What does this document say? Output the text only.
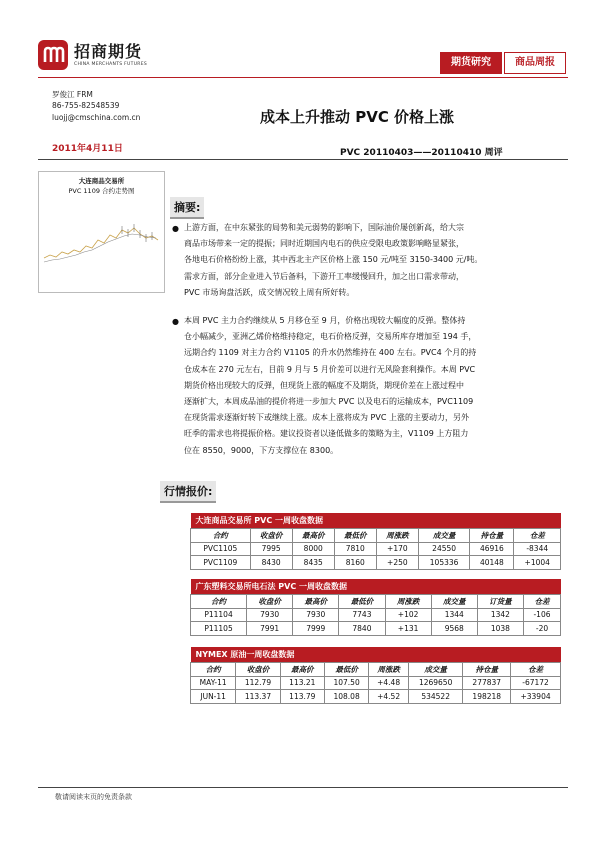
招商期货
CHINA MERCHANTS FUTURES	期货研究	商品周报
罗俊江 FRM
86-755-82548539
luojj@cmschina.com.cn	成本上升推动 PVC 价格上涨
2011年4月11日	PVC 20110403——20110410 周评
大连商品交易所
PVC 1109 合约走势图
摘要:
● 上游方面，在中东紧张的局势和美元弱势的影响下，国际油价屡创新高，给大宗
商品市场带来一定的提振；同时近期国内电石的供应受限电政策影响略显紧张，
各地电石价格纷纷上涨，其中西北主产区价格上涨 150 元/吨至 3150-3400 元/吨。
需求方面，部分企业进入节后备料，下游开工率缓慢回升，加之出口需求带动，
PVC 市场询盘活跃，成交情况较上周有所好转。
● 本周 PVC 主力合约继续从 5 月移仓至 9 月，价格出现较大幅度的反弹。整体持
仓小幅减少，亚洲乙烯价格维持稳定，电石价格反弹，交易所库存增加至 194 手，
远期合约 1109 对主力合约 V1105 的升水仍然维持在 400 左右。PVC4 个月的持
仓成本在 270 元左右，目前 9 月与 5 月价差可以进行无风险套利操作。本周 PVC
期货价格出现较大的反弹，但现货上涨的幅度不及期货，期现价差在上涨过程中
逐渐扩大，本周成品油的提价将进一步加大 PVC 以及电石的运输成本，PVC1109
在现货需求逐渐好转下或继续上涨。成本上涨将成为 PVC 上涨的主要动力，另外
旺季的需求也将提振价格。建议投资者以逢低做多的策略为主，V1109 上方阻力
位在 8550，9000，下方支撑位在 8300。
行情报价:
大连商品交易所 PVC 一周收盘数据							
合约	收盘价	最高价	最低价	周涨跌	成交量	持仓量	仓差
PVC1105	7995	8000	7810	+170	24550	46916	-8344
PVC1109	8430	8435	8160	+250	105336	40148	+1004
广东塑料交易所电石法 PVC 一周收盘数据							
合约	收盘价	最高价	最低价	周涨跌	成交量	订货量	仓差
P11104	7930	7930	7743	+102	1344	1342	-106
P11105	7991	7999	7840	+131	9568	1038	-20
NYMEX 原油一周收盘数据							
合约	收盘价	最高价	最低价	周涨跌	成交量	持仓量	仓差
MAY-11	112.79	113.21	107.50	+4.48	1269650	277837	-67172
JUN-11	113.37	113.79	108.08	+4.52	534522	198218	+33904
敬请阅读末页的免责条款
